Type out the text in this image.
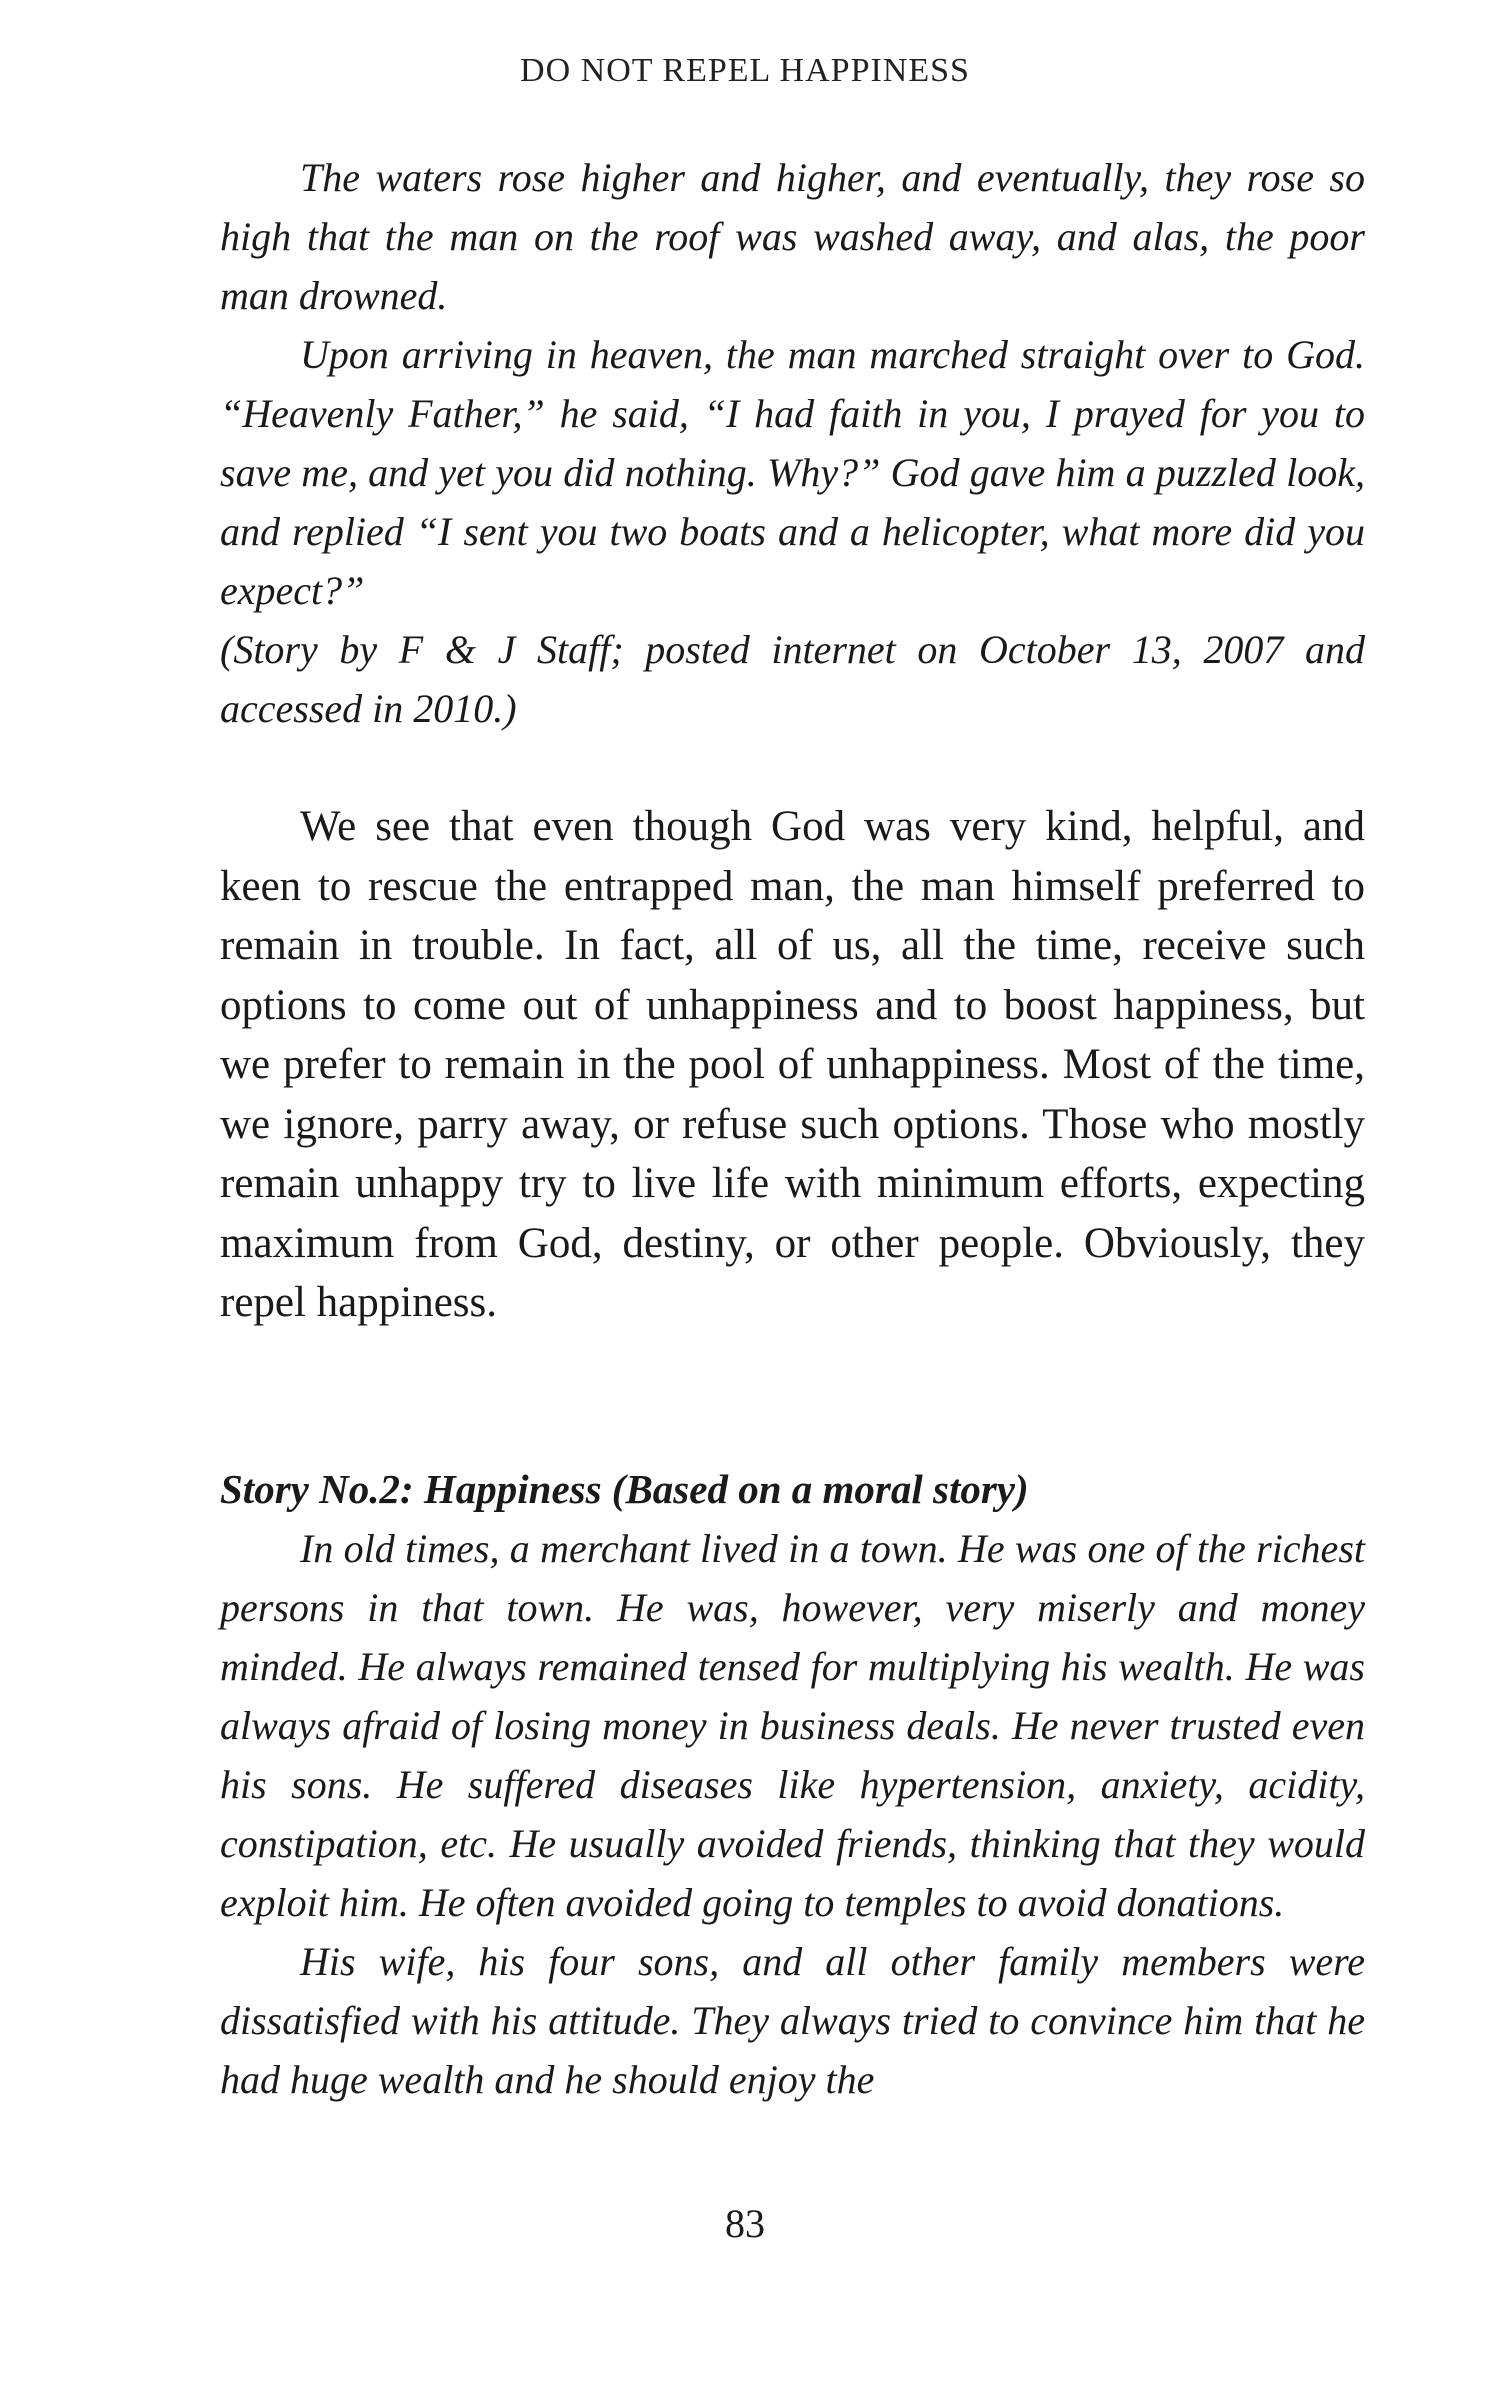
DO NOT REPEL HAPPINESS

The waters rose higher and higher, and eventually, they rose so high that the man on the roof was washed away, and alas, the poor man drowned.

Upon arriving in heaven, the man marched straight over to God. “Heavenly Father,” he said, “I had faith in you, I prayed for you to save me, and yet you did nothing. Why?” God gave him a puzzled look, and replied “I sent you two boats and a helicopter, what more did you expect?”

(Story by F & J Staff; posted internet on October 13, 2007 and accessed in 2010.)

We see that even though God was very kind, helpful, and keen to rescue the entrapped man, the man himself preferred to remain in trouble. In fact, all of us, all the time, receive such options to come out of unhappiness and to boost happiness, but we prefer to remain in the pool of unhappiness. Most of the time, we ignore, parry away, or refuse such options. Those who mostly remain unhappy try to live life with minimum efforts, expecting maximum from God, destiny, or other people. Obviously, they repel happiness.

Story No.2: Happiness (Based on a moral story)

In old times, a merchant lived in a town. He was one of the richest persons in that town. He was, however, very miserly and money minded. He always remained tensed for multiplying his wealth. He was always afraid of losing money in business deals. He never trusted even his sons. He suffered diseases like hypertension, anxiety, acidity, constipation, etc. He usually avoided friends, thinking that they would exploit him. He often avoided going to temples to avoid donations.

His wife, his four sons, and all other family members were dissatisfied with his attitude. They always tried to convince him that he had huge wealth and he should enjoy the

83
